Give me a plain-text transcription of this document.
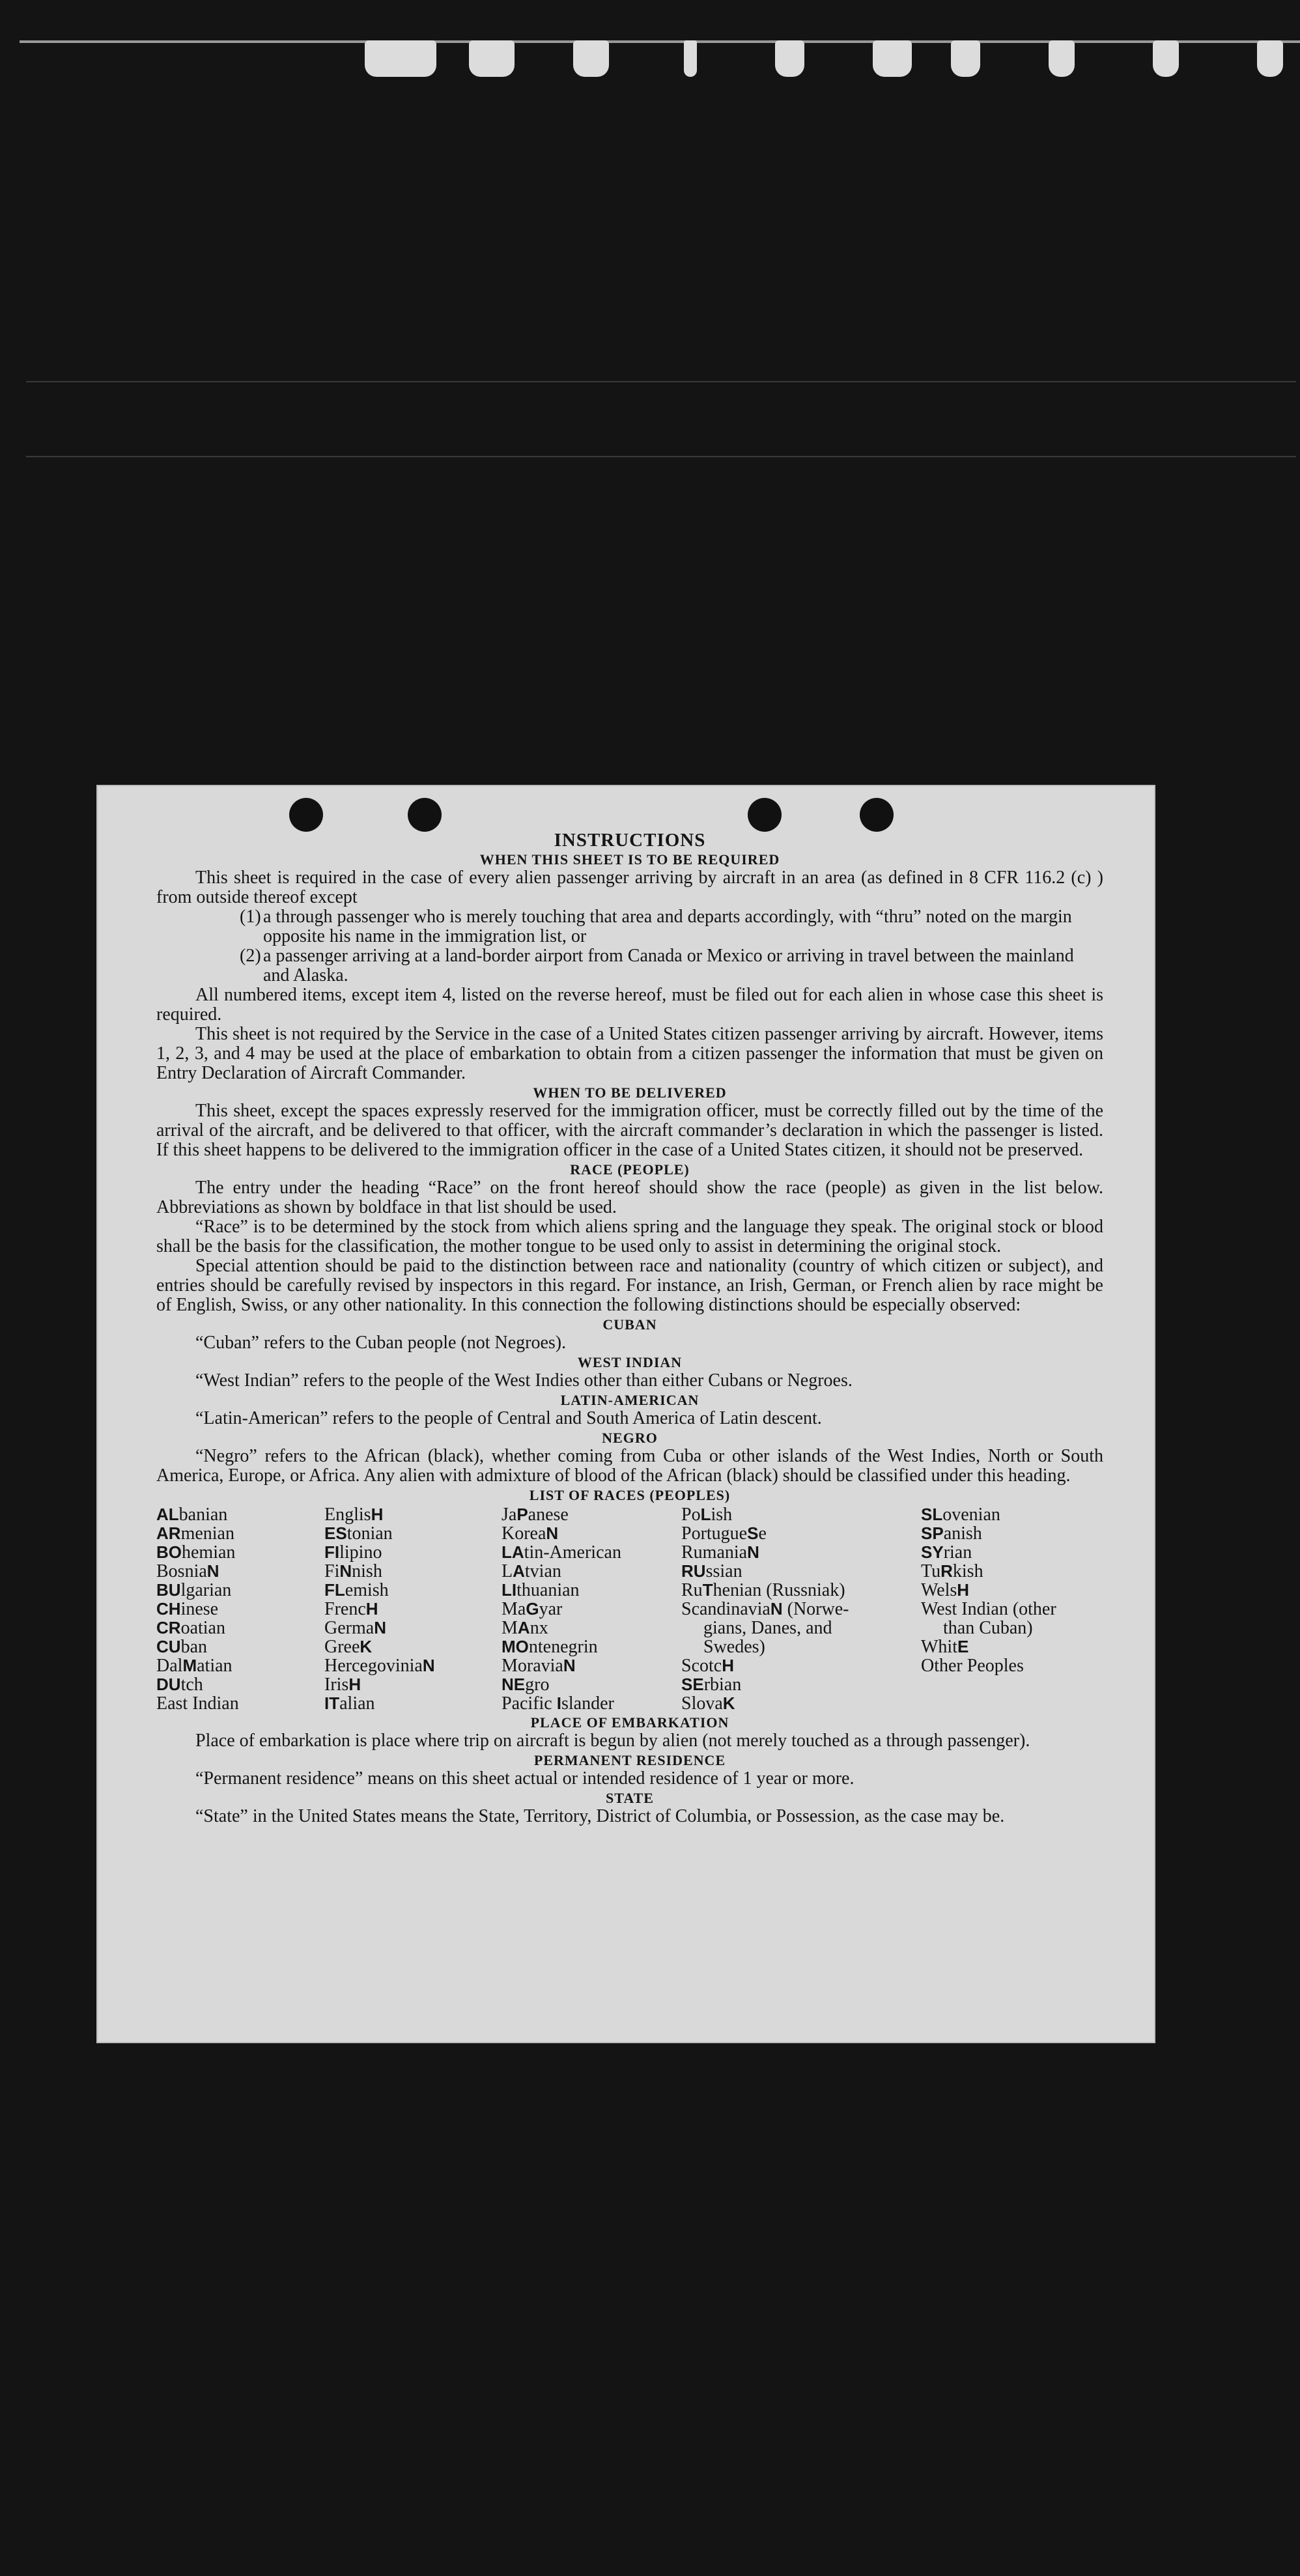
INSTRUCTIONS
WHEN THIS SHEET IS TO BE REQUIRED

This sheet is required in the case of every alien passenger arriving by aircraft in an area (as defined in 8 CFR 116.2 (c) ) from outside thereof except

(1) a through passenger who is merely touching that area and departs accordingly, with “thru” noted on the margin opposite his name in the immigration list, or
(2) a passenger arriving at a land-border airport from Canada or Mexico or arriving in travel between the mainland and Alaska.

All numbered items, except item 4, listed on the reverse hereof, must be filed out for each alien in whose case this sheet is required.

This sheet is not required by the Service in the case of a United States citizen passenger arriving by aircraft. However, items 1, 2, 3, and 4 may be used at the place of embarkation to obtain from a citizen passenger the information that must be given on Entry Declaration of Aircraft Commander.

WHEN TO BE DELIVERED

This sheet, except the spaces expressly reserved for the immigration officer, must be correctly filled out by the time of the arrival of the aircraft, and be delivered to that officer, with the aircraft commander’s declaration in which the passenger is listed. If this sheet happens to be delivered to the immigration officer in the case of a United States citizen, it should not be preserved.

RACE (PEOPLE)

The entry under the heading “Race” on the front hereof should show the race (people) as given in the list below. Abbreviations as shown by boldface in that list should be used.

“Race” is to be determined by the stock from which aliens spring and the language they speak. The original stock or blood shall be the basis for the classification, the mother tongue to be used only to assist in determining the original stock.

Special attention should be paid to the distinction between race and nationality (country of which citizen or subject), and entries should be carefully revised by inspectors in this regard. For instance, an Irish, German, or French alien by race might be of English, Swiss, or any other nationality. In this connection the following distinctions should be especially observed:

CUBAN

“Cuban” refers to the Cuban people (not Negroes).

WEST INDIAN

“West Indian” refers to the people of the West Indies other than either Cubans or Negroes.

LATIN-AMERICAN

“Latin-American” refers to the people of Central and South America of Latin descent.

NEGRO

“Negro” refers to the African (black), whether coming from Cuba or other islands of the West Indies, North or South America, Europe, or Africa. Any alien with admixture of blood of the African (black) should be classified under this heading.

LIST OF RACES (PEOPLES)
ALbanian
ARmenian
BOhemian
BosniaN
BUlgarian
CHinese
CRoatian
CUban
DalMatian
DUtch
East Indian
EnglisH
EStonian
FIlipino
FiNnish
FLemish
FrencH
GermaN
GreeK
HercegoviniaN
IrisH
ITalian
JaPanese
KoreaN
LAtin-American
LAtvian
LIthuanian
MaGyar
MAnx
MOntenegrin
MoraviaN
NEgro
Pacific Islander
PoLish
PortugueSe
RumaniaN
RUssian
RuThenian (Russniak)
ScandinaviaN (Norwe-
gians, Danes, and
Swedes)
ScotcH
SErbian
SlovaK
SLovenian
SPanish
SYrian
TuRkish
WelsH
West Indian (other
than Cuban)
WhitE
Other Peoples
PLACE OF EMBARKATION

Place of embarkation is place where trip on aircraft is begun by alien (not merely touched as a through passenger).

PERMANENT RESIDENCE

“Permanent residence” means on this sheet actual or intended residence of 1 year or more.

STATE

“State” in the United States means the State, Territory, District of Columbia, or Possession, as the case may be.
